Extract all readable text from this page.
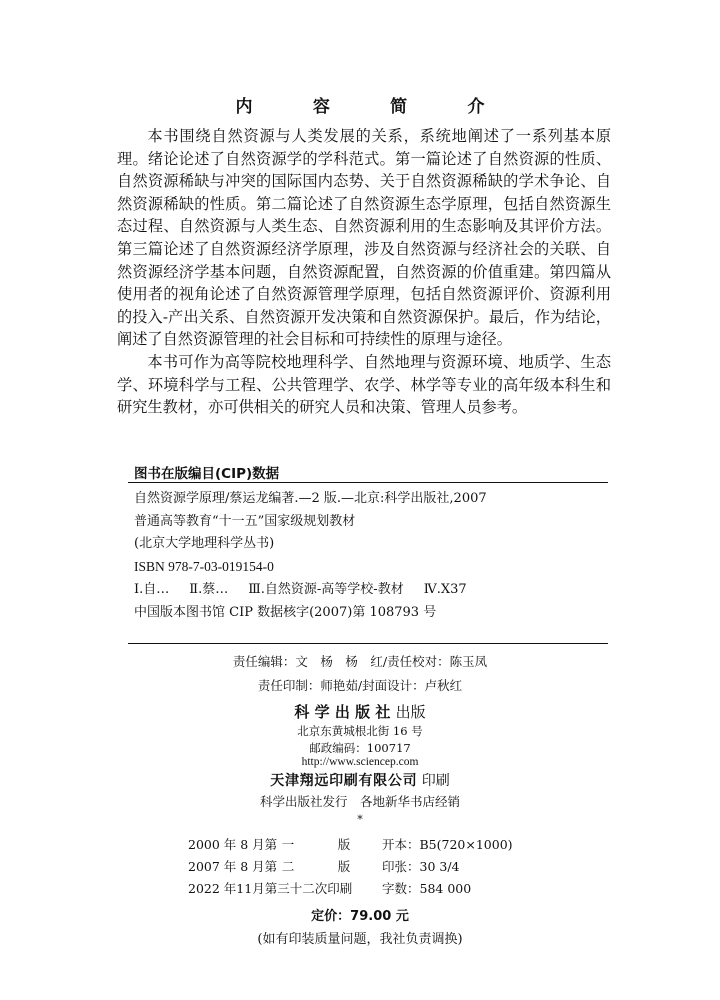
内 容 简 介

本书围绕自然资源与人类发展的关系，系统地阐述了一系列基本原理。绪论论述了自然资源学的学科范式。第一篇论述了自然资源的性质、自然资源稀缺与冲突的国际国内态势、关于自然资源稀缺的学术争论、自然资源稀缺的性质。第二篇论述了自然资源生态学原理，包括自然资源生态过程、自然资源与人类生态、自然资源利用的生态影响及其评价方法。第三篇论述了自然资源经济学原理，涉及自然资源与经济社会的关联、自然资源经济学基本问题，自然资源配置，自然资源的价值重建。第四篇从使用者的视角论述了自然资源管理学原理，包括自然资源评价、资源利用的投入-产出关系、自然资源开发决策和自然资源保护。最后，作为结论，阐述了自然资源管理的社会目标和可持续性的原理与途径。

本书可作为高等院校地理科学、自然地理与资源环境、地质学、生态学、环境科学与工程、公共管理学、农学、林学等专业的高年级本科生和研究生教材，亦可供相关的研究人员和决策、管理人员参考。

图书在版编目(CIP)数据
自然资源学原理/蔡运龙编著.—2 版.—北京:科学出版社,2007
普通高等教育“十一五”国家级规划教材
(北京大学地理科学丛书)
ISBN 978-7-03-019154-0
Ⅰ.自… Ⅱ.蔡… Ⅲ.自然资源-高等学校-教材 Ⅳ.X37
中国版本图书馆 CIP 数据核字(2007)第 108793 号
责任编辑：文　杨　杨　红/责任校对：陈玉凤
责任印制：师艳茹/封面设计：卢秋红
科学出版社出版
北京东黄城根北街 16 号
邮政编码：100717
http://www.sciencep.com
天津翔远印刷有限公司 印刷
科学出版社发行　各地新华书店经销
*
2000 年 8 月第 一	版	开本：B5(720×1000)
2007 年 8 月第 二	版	印张：30 3/4
2022 年11月第三十二次印刷	字数：584 000
定价：79.00 元
(如有印装质量问题，我社负责调换)
